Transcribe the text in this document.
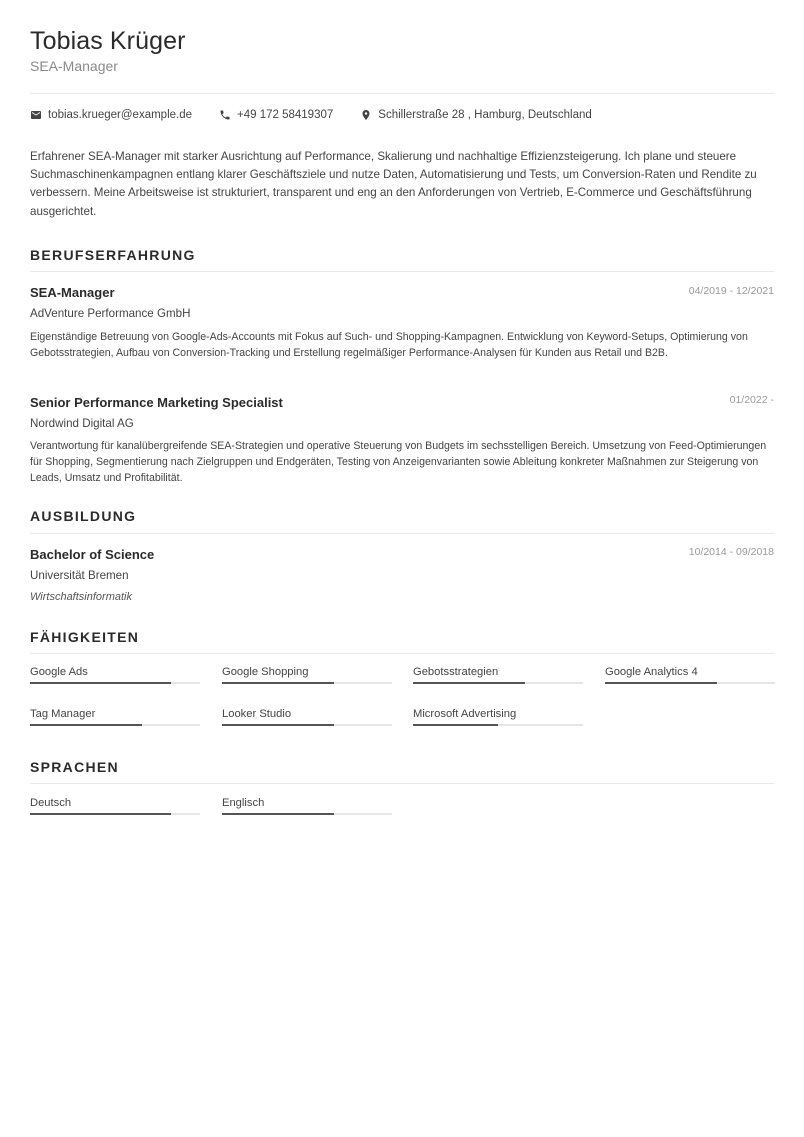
Tobias Krüger
SEA-Manager
tobias.krueger@example.de	+49 172 58419307	Schillerstraße 28 , Hamburg, Deutschland

Erfahrener SEA-Manager mit starker Ausrichtung auf Performance, Skalierung und nachhaltige Effizienzsteigerung. Ich plane und steuere Suchmaschinenkampagnen entlang klarer Geschäftsziele und nutze Daten, Automatisierung und Tests, um Conversion-Raten und Rendite zu verbessern. Meine Arbeitsweise ist strukturiert, transparent und eng an den Anforderungen von Vertrieb, E-Commerce und Geschäftsführung ausgerichtet.

BERUFSERFAHRUNG
SEA-Manager	04/2019 - 12/2021
AdVenture Performance GmbH

Eigenständige Betreuung von Google-Ads-Accounts mit Fokus auf Such- und Shopping-Kampagnen. Entwicklung von Keyword-Setups, Optimierung von Gebotsstrategien, Aufbau von Conversion-Tracking und Erstellung regelmäßiger Performance-Analysen für Kunden aus Retail und B2B.

Senior Performance Marketing Specialist	01/2022 -
Nordwind Digital AG

Verantwortung für kanalübergreifende SEA-Strategien und operative Steuerung von Budgets im sechsstelligen Bereich. Umsetzung von Feed-Optimierungen für Shopping, Segmentierung nach Zielgruppen und Endgeräten, Testing von Anzeigenvarianten sowie Ableitung konkreter Maßnahmen zur Steigerung von Leads, Umsatz und Profitabilität.

AUSBILDUNG
Bachelor of Science	10/2014 - 09/2018
Universität Bremen
Wirtschaftsinformatik
FÄHIGKEITEN
Google Ads	Google Shopping	Gebotsstrategien	Google Analytics 4
Tag Manager	Looker Studio	Microsoft Advertising
SPRACHEN
Deutsch	Englisch
